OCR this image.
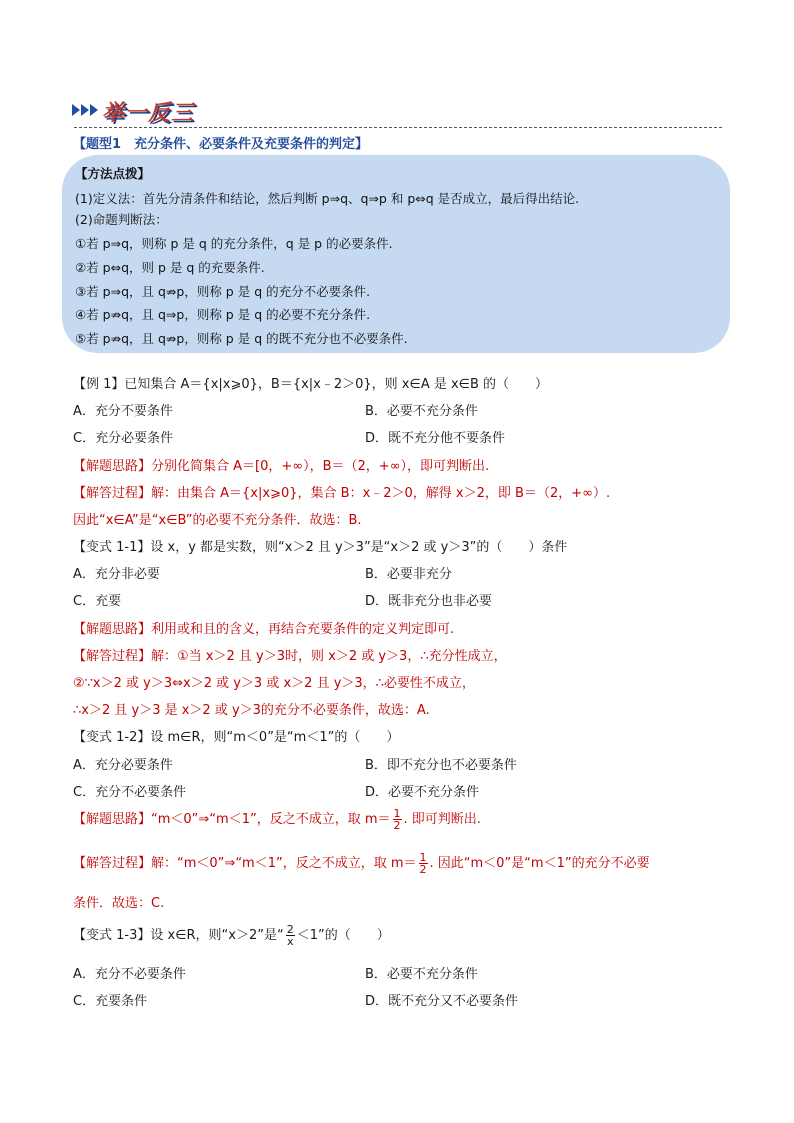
举一反三
【题型1　充分条件、必要条件及充要条件的判定】
【方法点拨】
(1)定义法：首先分清条件和结论，然后判断 p⇒q、q⇒p 和 p⇔q 是否成立，最后得出结论.
(2)命题判断法：
①若 p⇒q，则称 p 是 q 的充分条件，q 是 p 的必要条件.
②若 p⇔q，则 p 是 q 的充要条件.
③若 p⇒q，且 q⇏p，则称 p 是 q 的充分不必要条件.
④若 p⇏q，且 q⇒p，则称 p 是 q 的必要不充分条件.
⑤若 p⇏q，且 q⇏p，则称 p 是 q 的既不充分也不必要条件.
【例 1】已知集合 A＝{x|x⩾0}，B＝{x|x﹣2＞0}，则 x∈A 是 x∈B 的（　　）
A．充分不要条件	B．必要不充分条件
C．充分必要条件	D．既不充分他不要条件
【解题思路】分别化简集合 A＝[0，+∞），B＝（2，+∞），即可判断出.
【解答过程】解：由集合 A＝{x|x⩾0}，集合 B：x﹣2＞0，解得 x＞2，即 B＝（2，+∞）.
因此“x∈A”是“x∈B”的必要不充分条件．故选：B.
【变式 1-1】设 x，y 都是实数，则“x＞2 且 y＞3”是“x＞2 或 y＞3”的（　　）条件
A．充分非必要	B．必要非充分
C．充要	D．既非充分也非必要
【解题思路】利用或和且的含义，再结合充要条件的定义判定即可.
【解答过程】解：①当 x＞2 且 y＞3时，则 x＞2 或 y＞3，∴充分性成立，
②∵x＞2 或 y＞3⇔x＞2 或 y＞3 或 x＞2 且 y＞3，∴必要性不成立，
∴x＞2 且 y＞3 是 x＞2 或 y＞3的充分不必要条件，故选：A.
【变式 1-2】设 m∈R，则“m＜0”是“m＜1”的（　　）
A．充分必要条件	B．即不充分也不必要条件
C．充分不必要条件	D．必要不充分条件
【解题思路】“m＜0”⇒“m＜1”，反之不成立，取 $m= \frac{1}{2}$ . 即可判断出.
【解答过程】解：“m＜0”⇒“m＜1”，反之不成立，取 $m= \frac{1}{2}$ . 因此“m＜0”是“m＜1”的充分不必要
条件．故选：C.
【变式 1-3】设 x∈R，则“x＞2”是“ $\frac{2}{x} <1$”的（　　）
A．充分不必要条件	B．必要不充分条件
C．充要条件	D．既不充分又不必要条件
